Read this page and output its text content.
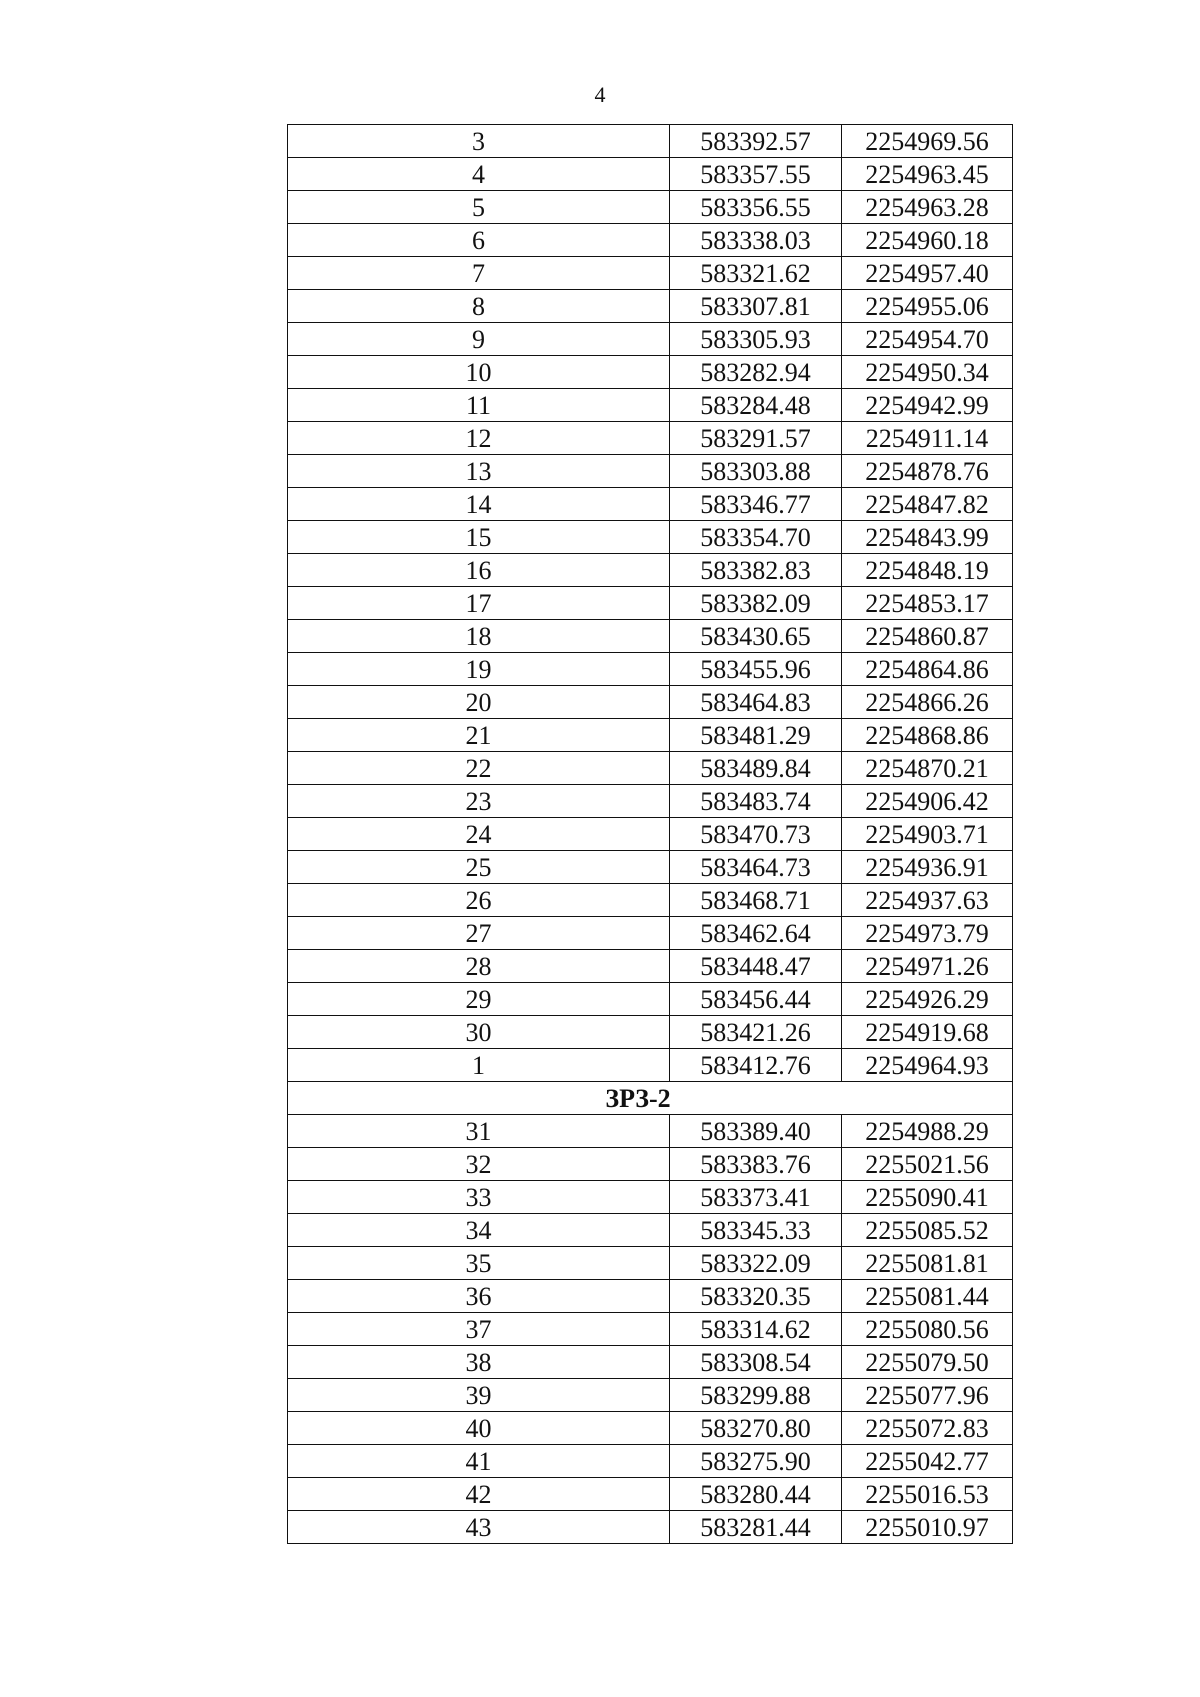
4
3	583392.57	2254969.56
4	583357.55	2254963.45
5	583356.55	2254963.28
6	583338.03	2254960.18
7	583321.62	2254957.40
8	583307.81	2254955.06
9	583305.93	2254954.70
10	583282.94	2254950.34
11	583284.48	2254942.99
12	583291.57	2254911.14
13	583303.88	2254878.76
14	583346.77	2254847.82
15	583354.70	2254843.99
16	583382.83	2254848.19
17	583382.09	2254853.17
18	583430.65	2254860.87
19	583455.96	2254864.86
20	583464.83	2254866.26
21	583481.29	2254868.86
22	583489.84	2254870.21
23	583483.74	2254906.42
24	583470.73	2254903.71
25	583464.73	2254936.91
26	583468.71	2254937.63
27	583462.64	2254973.79
28	583448.47	2254971.26
29	583456.44	2254926.29
30	583421.26	2254919.68
1	583412.76	2254964.93
ЗРЗ-2		
31	583389.40	2254988.29
32	583383.76	2255021.56
33	583373.41	2255090.41
34	583345.33	2255085.52
35	583322.09	2255081.81
36	583320.35	2255081.44
37	583314.62	2255080.56
38	583308.54	2255079.50
39	583299.88	2255077.96
40	583270.80	2255072.83
41	583275.90	2255042.77
42	583280.44	2255016.53
43	583281.44	2255010.97
